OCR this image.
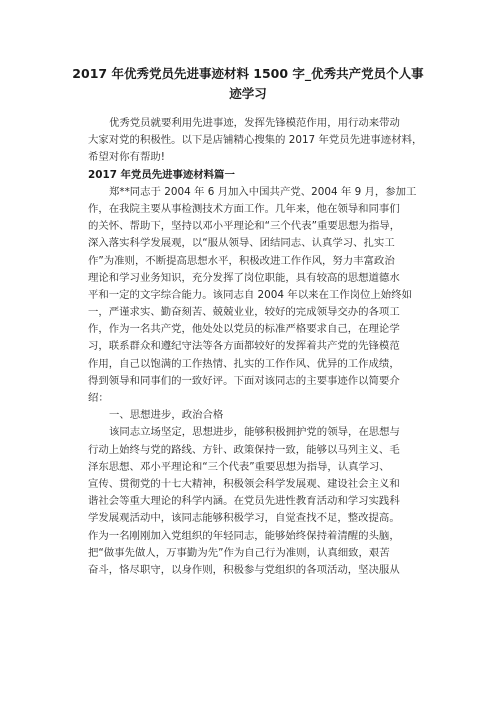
2017 年优秀党员先进事迹材料 1500 字_优秀共产党员个人事
迹学习
优秀党员就要利用先进事迹，发挥先锋模范作用，用行动来带动
大家对党的积极性。以下是店铺精心搜集的 2017 年党员先进事迹材料，
希望对你有帮助!
2017 年党员先进事迹材料篇一
郑**同志于 2004 年 6 月加入中国共产党、2004 年 9 月，参加工
作，在我院主要从事检测技术方面工作。几年来，他在领导和同事们
的关怀、帮助下，坚持以邓小平理论和“三个代表”重要思想为指导，
深入落实科学发展观，以“服从领导、团结同志、认真学习、扎实工
作”为准则，不断提高思想水平，积极改进工作作风，努力丰富政治
理论和学习业务知识，充分发挥了岗位职能，具有较高的思想道德水
平和一定的文字综合能力。该同志自 2004 年以来在工作岗位上始终如
一，严谨求实、勤奋刻苦、兢兢业业，较好的完成领导交办的各项工
作，作为一名共产党，他处处以党员的标准严格要求自己，在理论学
习，联系群众和遵纪守法等各方面都较好的发挥着共产党的先锋模范
作用，自己以饱满的工作热情、扎实的工作作风、优异的工作成绩，
得到领导和同事们的一致好评。下面对该同志的主要事迹作以简要介
绍：
一、思想进步，政治合格
该同志立场坚定，思想进步，能够积极拥护党的领导，在思想与
行动上始终与党的路线、方针、政策保持一致，能够以马列主义、毛
泽东思想、邓小平理论和“三个代表”重要思想为指导，认真学习、
宣传、贯彻党的十七大精神，积极领会科学发展观、建设社会主义和
谐社会等重大理论的科学内涵。在党员先进性教育活动和学习实践科
学发展观活动中，该同志能够积极学习，自觉查找不足，整改提高。
作为一名刚刚加入党组织的年轻同志，能够始终保持着清醒的头脑，
把“做事先做人，万事勤为先”作为自己行为准则，认真细致，艰苦
奋斗，恪尽职守，以身作则，积极参与党组织的各项活动，坚决服从
